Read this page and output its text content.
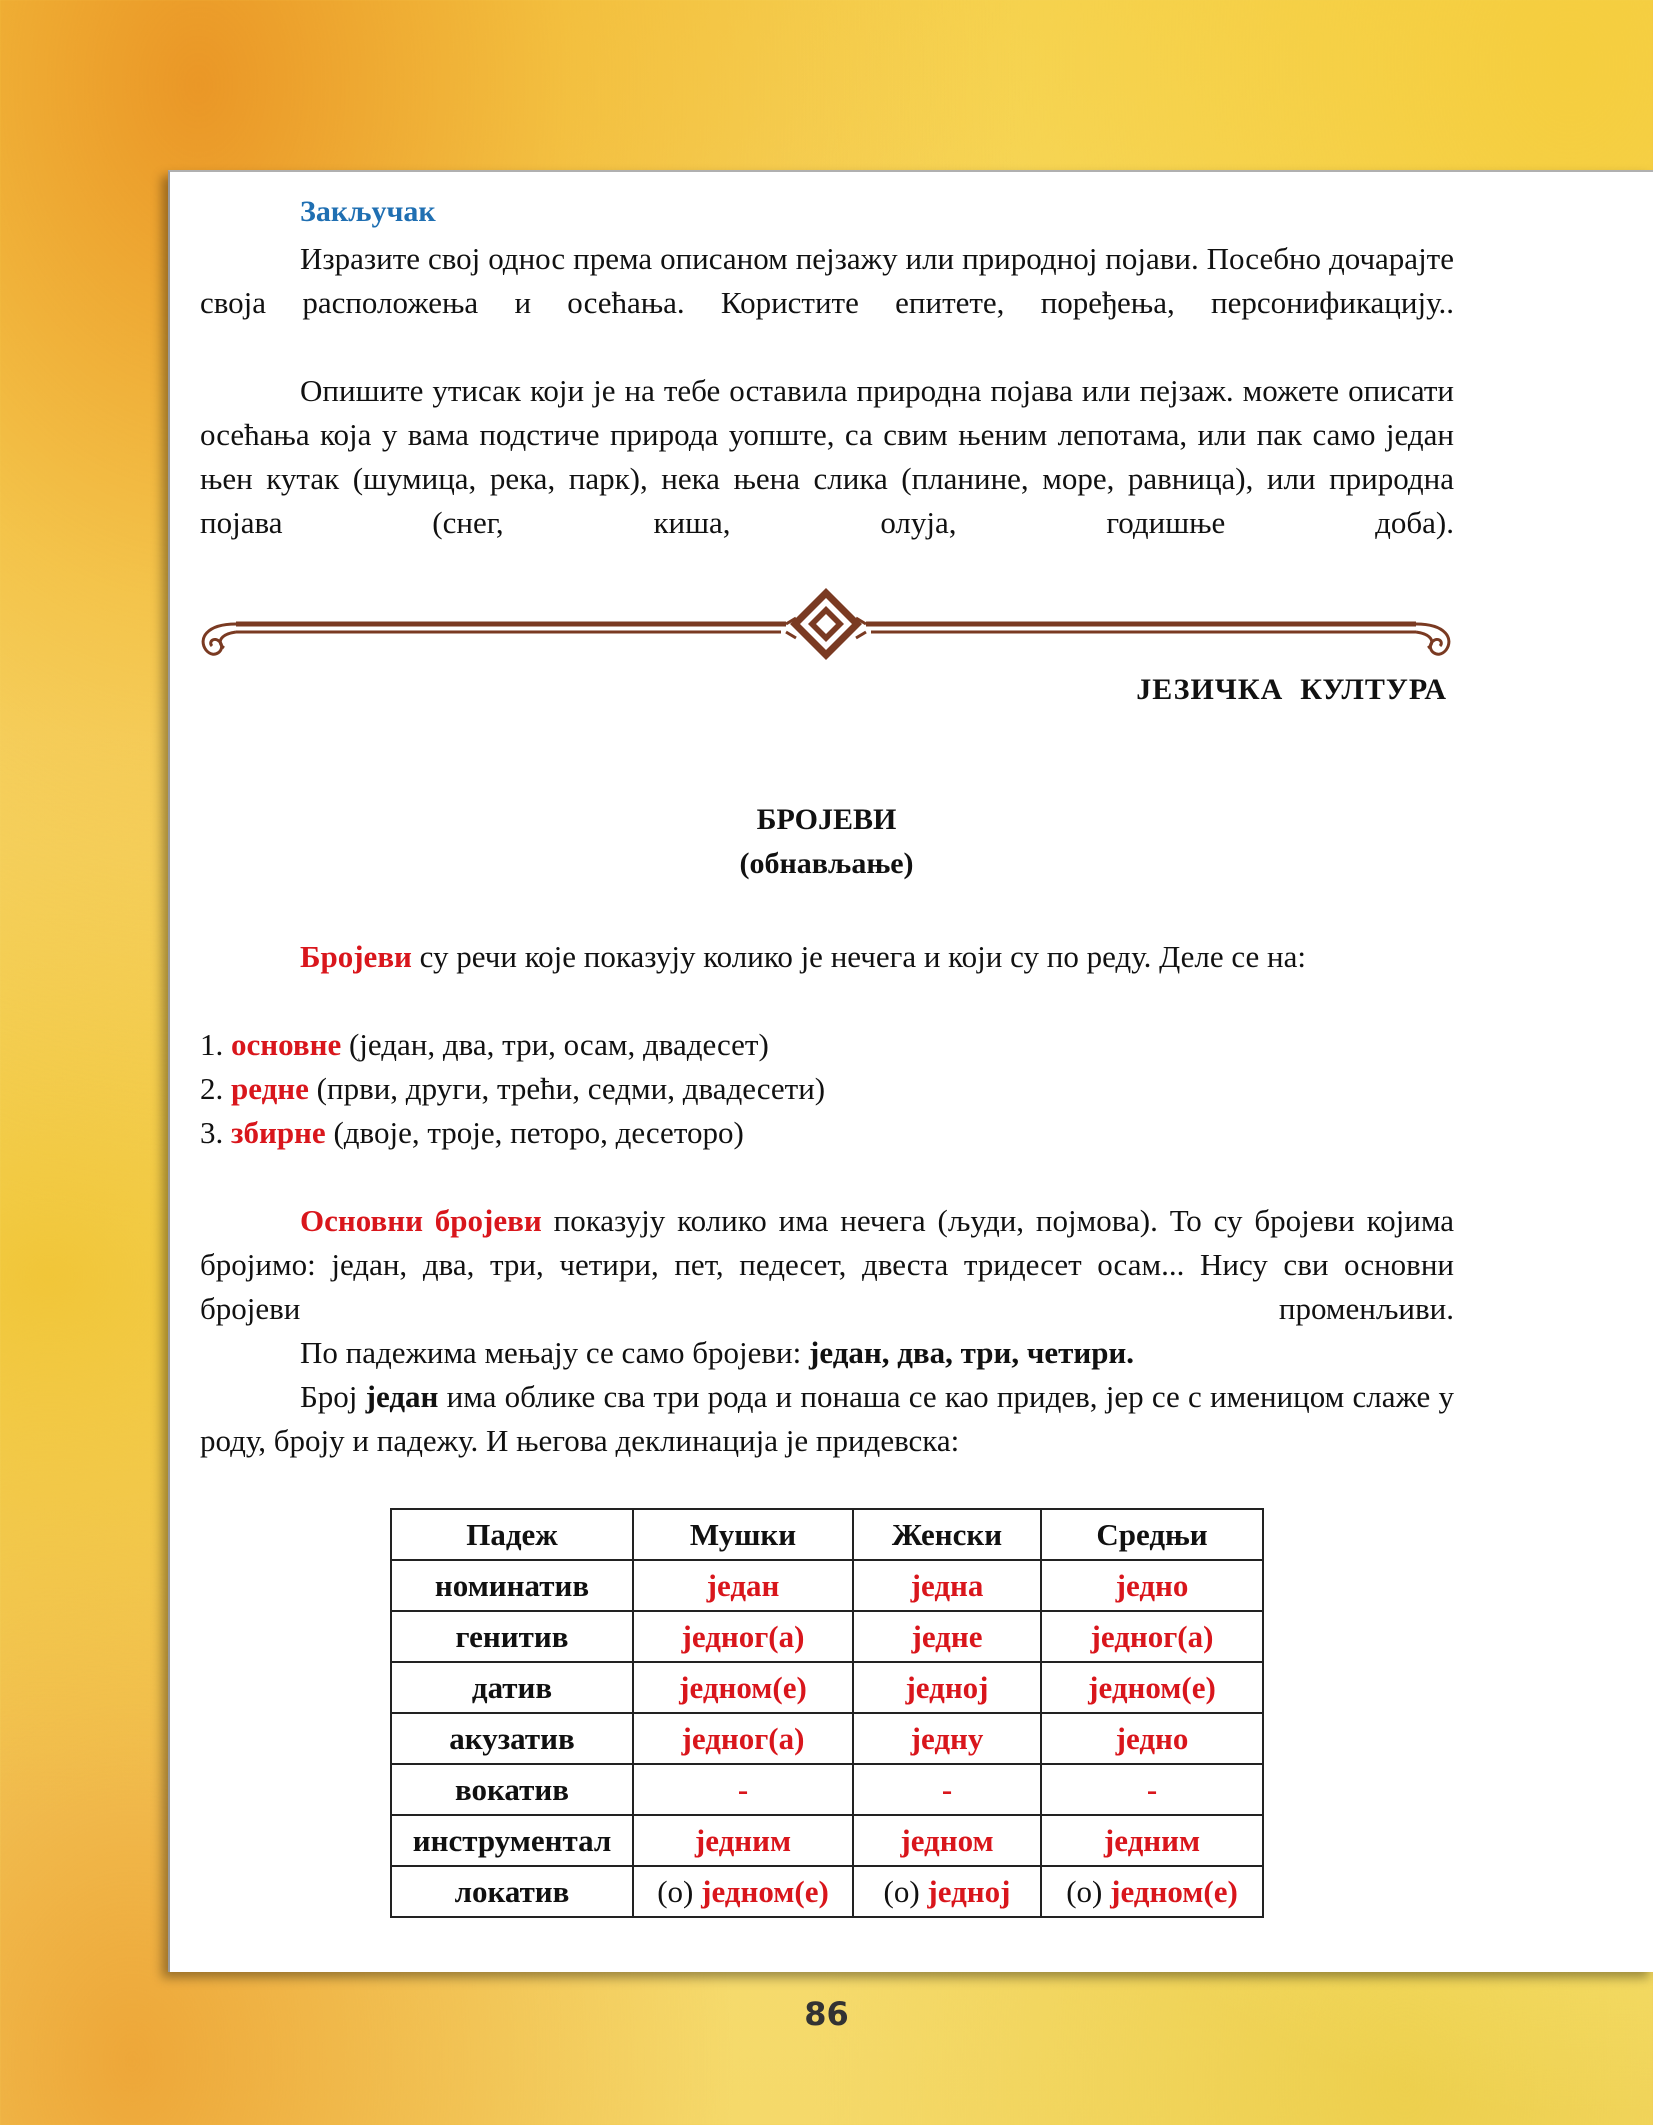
Закључак
Изразите свој однос према описаном пејзажу или природној појави. Посебно дочарајте своја расположења и осећања. Користите епитете, поређења, персонификацију..
Опишите утисак који је на тебе оставила природна појава или пејзаж. можете описати осећања која у вама подстиче природа уопште, са свим њеним лепотама, или пак само један њен кутак (шумица, река, парк), нека њена слика (планине, море, равница), или природна појава (снег, киша, олуја, годишње доба).
ЈЕЗИЧКА  КУЛТУРА
БРОЈЕВИ
(обнављање)
Бројеви су речи које показују колико је нечега и који су по реду. Деле се на:
1. основне (један, два, три, осам, двадесет)
2. редне (први, други, трећи, седми, двадесети)
3. збирне (двоје, троје, петоро, десеторо)
Основни бројеви показују колико има нечега (људи, појмова). То су бројеви којима бројимо: један, два, три, четири, пет, педесет, двеста тридесет осам... Нису сви основни бројеви променљиви.
По падежима мењају се само бројеви: један, два, три, четири.
Број један има облике сва три рода и понаша се као придев, јер се с именицом слаже у роду, броју и падежу. И његова деклинација је придевска:
Падеж	Мушки	Женски	Средњи
номинатив	један	једна	једно
генитив	једног(а)	једне	једног(а)
датив	једном(е)	једној	једном(е)
акузатив	једног(а)	једну	једно
вокатив	-	-	-
инструментал	једним	једном	једним
локатив	(о) једном(е)	(о) једној	(о) једном(е)
86
